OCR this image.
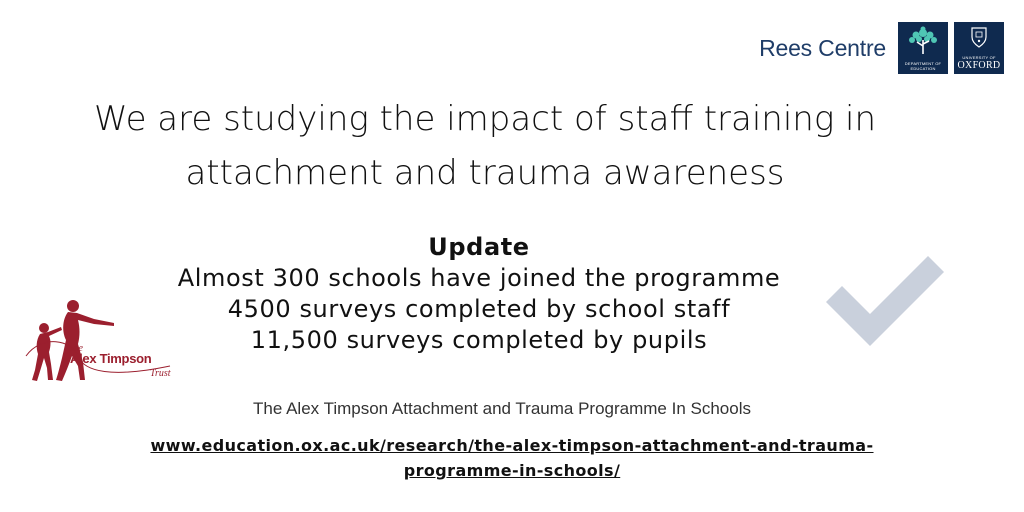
Rees Centre
DEPARTMENT OF
EDUCATION
UNIVERSITY OF
OXFORD
We are studying the impact of staff training in
attachment and trauma awareness
Update
Almost 300 schools have joined the programme
4500 surveys completed by school staff
11,500 surveys completed by pupils
The
Alex Timpson
Trust
The Alex Timpson Attachment and Trauma Programme In Schools
www.education.ox.ac.uk/research/the-alex-timpson-attachment-and-trauma-
programme-in-schools/
